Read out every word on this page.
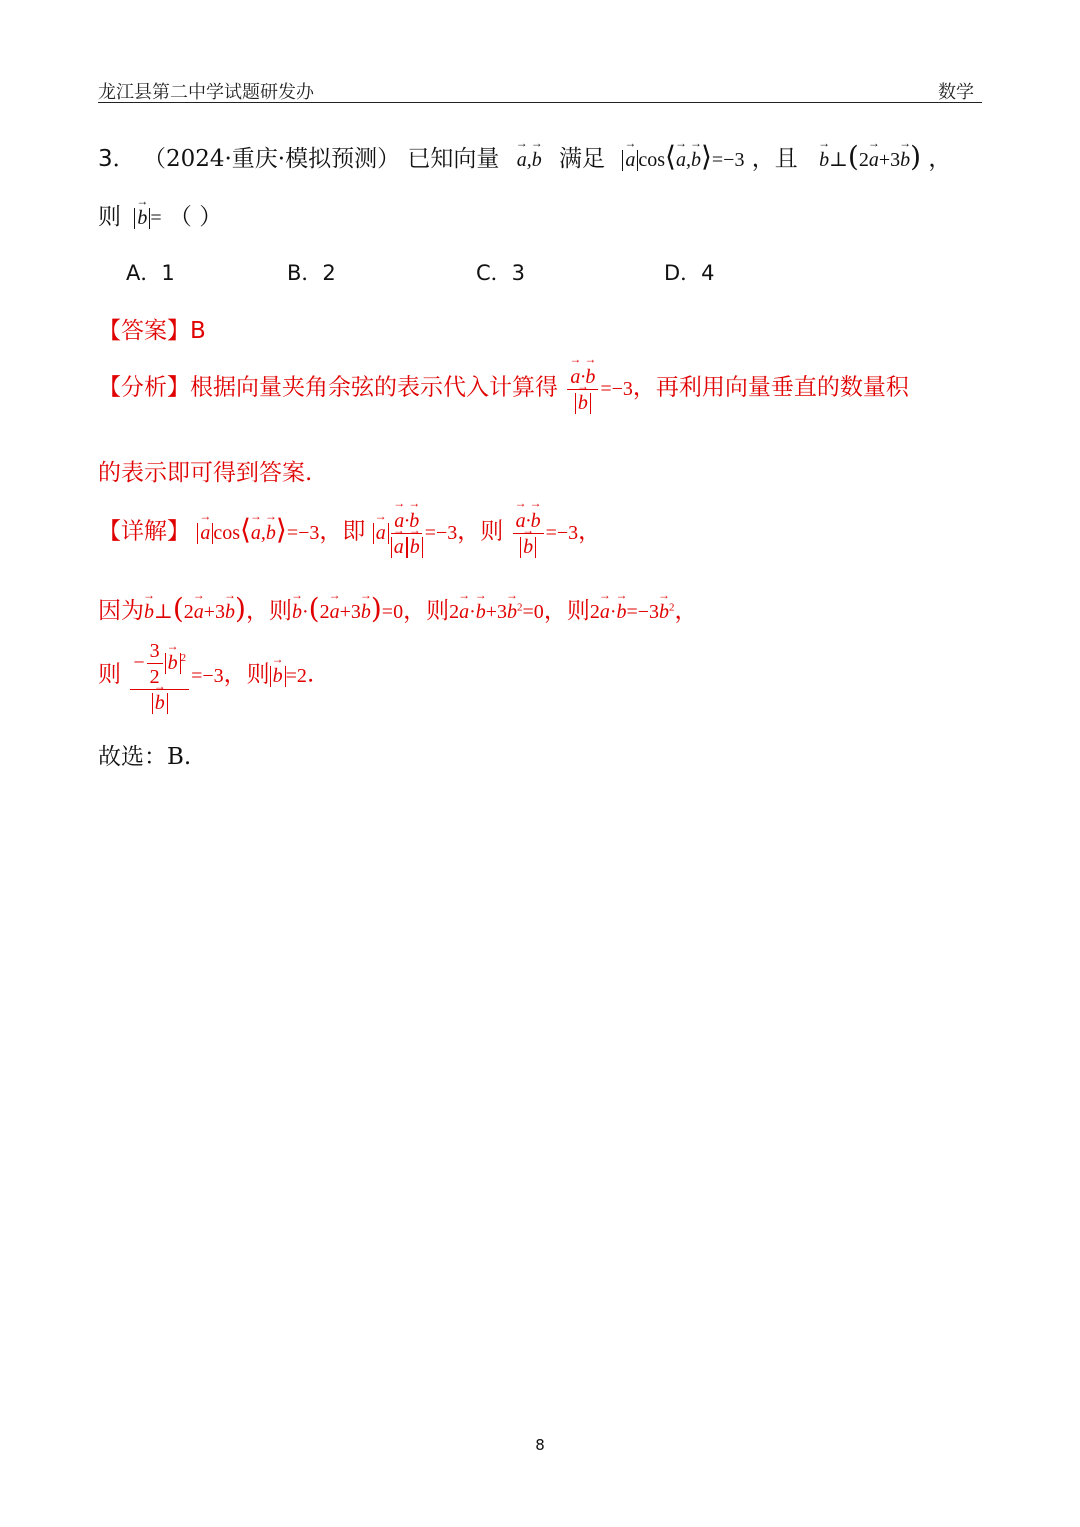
龙江县第二中学试题研发办	数学
3． （2024·重庆·模拟预测） 已知向量 → a,→ b 满足 → a cos⟨→ a,→ b⟩=−3 ，且 → b⊥(2→ a+3→ b) ，
则 → b = （ ）
A．1	B．2	C．3	D．4
【答案】B
【分析】根据向量夹角余弦的表示代入计算得
→ a·→ b
→ b =−3，再利用向量垂直的数量积
的表示即可得到答案.
【详解】 → a cos⟨→ a,→ b⟩=−3，即 → a
→ a·→ b
→ a→ b =−3，则
→ a·→ b
→ b =−3，
因为→ b⊥(2→ a+3→ b)，则→ b·(2→ a+3→ b)=0，则$2\to a\cdot\to b+3\to b^2=0$，则$2\to a\cdot\to b=-3\to b^2$，
则 − $\frac{3}{2}$
→ b $^2$
→ b =−3，则→ b =2.
故选：B.
8
